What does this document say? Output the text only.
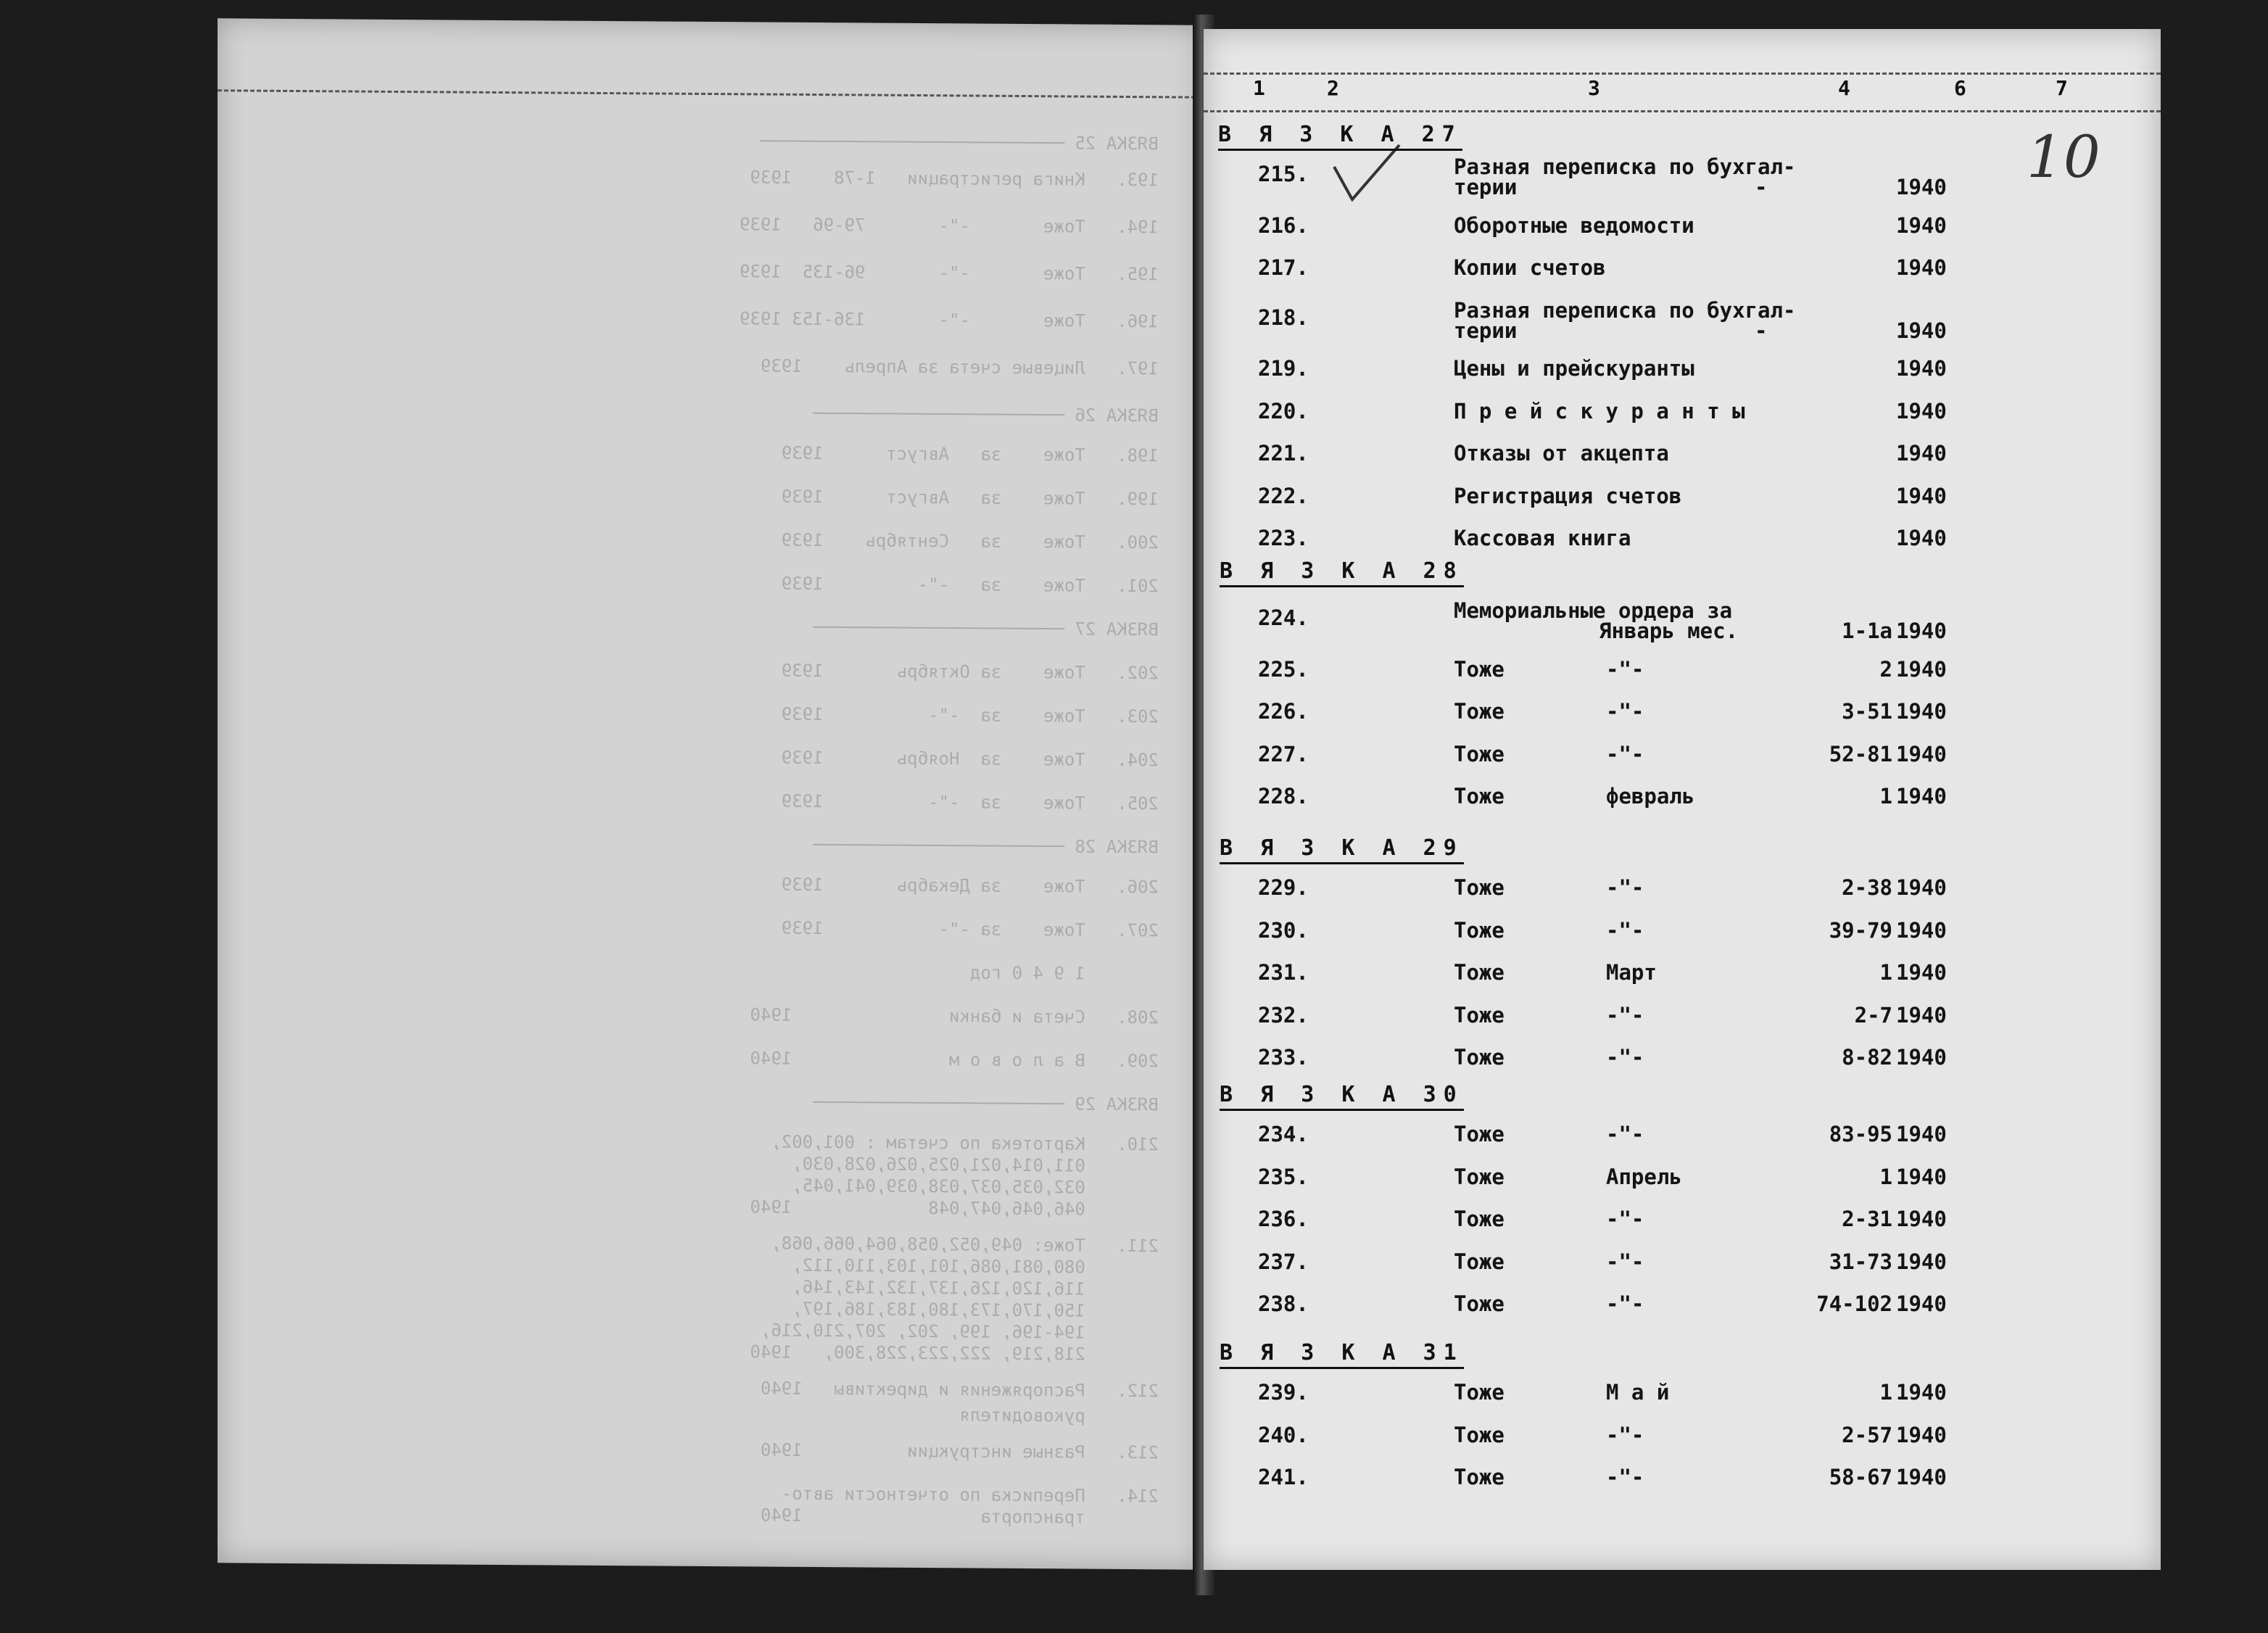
ВЯЗКА 25 ─────────────────────────────
193.   Книга регистрации   1-78    1939
194.   Тоже       -"-       79-96   1939
195.   Тоже       -"-       96-135  1939
196.   Тоже       -"-       136-153 1939
197.   Лицевые счета за Апрель    1939
ВЯЗКА 26 ────────────────────────
198.   Тоже    за   Август      1939
199.   Тоже    за   Август      1939
200.   Тоже    за   Сентябрь    1939
201.   Тоже    за   -"-         1939
ВЯЗКА 27 ────────────────────────
202.   Тоже    за Октябрь       1939
203.   Тоже    за  -"-          1939
204.   Тоже    за  Ноябрь       1939
205.   Тоже    за  -"-          1939
ВЯЗКА 28 ────────────────────────
206.   Тоже    за Декабрь       1939
207.   Тоже    за -"-           1939
1 9 4 0 год
208.   Счета и банки               1940
209.   В а л о в о м               1940
ВЯЗКА 29 ────────────────────────
210.   Картотека по счетам : 001,002,
011,014,021,025,026,028,030,
032,035,037,038,039,041,045,
046,046,047,048             1940
211.   Тоже: 049,052,058,064,066,068,
080,081,086,101,103,110,112,
116,120,126,137,132,143,146,
150,170,173,180,183,186,197,
194-196, 199, 202, 207,210,216,
218,219, 222,223,228,300,   1940
212.   Распоряжения и директивы   1940
руководителя
213.   Разные инструкции          1940
214.   Переписка по отчетности авто-
транспорта                 1940
1	2	3	4	6	7
10
В Я З К А 27
215.	Разная переписка по бухгал-
терии	-	1940
216.	Оборотные ведомости	1940
217.	Копии счетов	1940
218.	Разная переписка по бухгал-
терии	-	1940
219.	Цены и прейскуранты	1940
220.	П р е й с к у р а н т ы	1940
221.	Отказы от акцепта	1940
222.	Регистрация счетов	1940
223.	Кассовая книга	1940
В Я З К А 28
224.	Мемориальные ордера за
Январь мес.	1-1а 1940
225.	Тоже	-"-	2 1940
226.	Тоже	-"-	3-51 1940
227.	Тоже	-"-	52-81 1940
228.	Тоже	февраль	1 1940
В Я З К А 29
229.	Тоже	-"-	2-38 1940
230.	Тоже	-"-	39-79 1940
231.	Тоже	Март	1 1940
232.	Тоже	-"-	2-7 1940
233.	Тоже	-"-	8-82 1940
В Я З К А 30
234.	Тоже	-"-	83-95 1940
235.	Тоже	Апрель	1 1940
236.	Тоже	-"-	2-31 1940
237.	Тоже	-"-	31-73 1940
238.	Тоже	-"-	74-102 1940
В Я З К А 31
239.	Тоже	М а й	1 1940
240.	Тоже	-"-	2-57 1940
241.	Тоже	-"-	58-67 1940
